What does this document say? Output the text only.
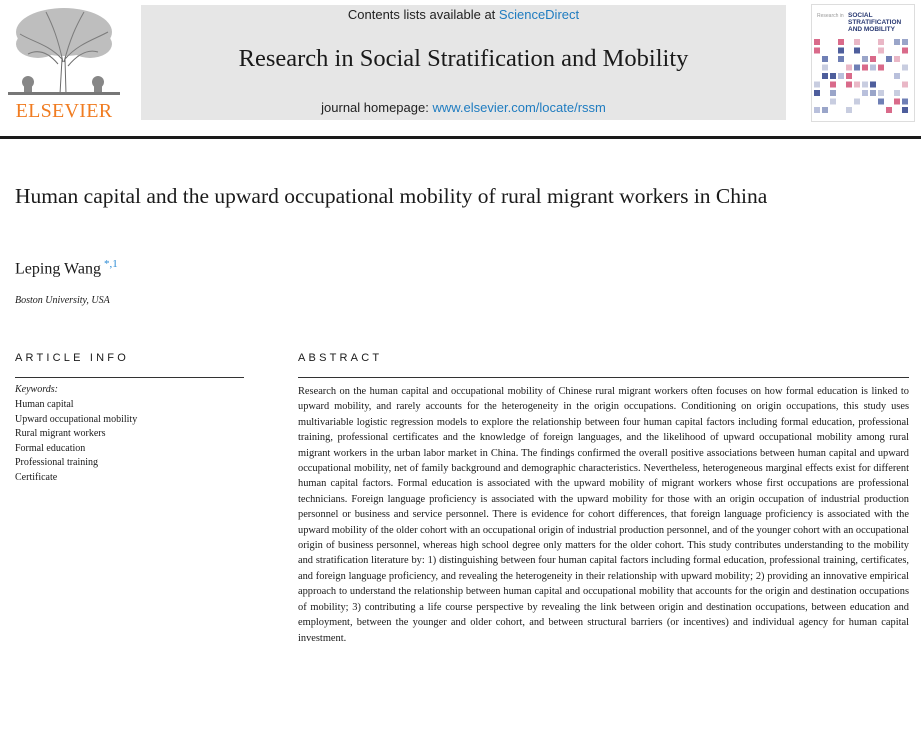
ELSEVIER
Contents lists available at ScienceDirect
Research in Social Stratification and Mobility
journal homepage: www.elsevier.com/locate/rssm
Research in SOCIAL STRATIFICATION AND MOBILITY
Human capital and the upward occupational mobility of rural migrant workers in China
Leping Wang $^{*,1}$
Boston University, USA
ARTICLE INFO
Keywords:
Human capital
Upward occupational mobility
Rural migrant workers
Formal education
Professional training
Certificate
ABSTRACT

Research on the human capital and occupational mobility of Chinese rural migrant workers often focuses on how formal education is linked to upward mobility, and rarely accounts for the heterogeneity in the origin occupations. Conditioning on origin occupations, this study uses multivariable logistic regression models to explore the relationship between four human capital factors including formal education, professional training, professional certificates and the knowledge of foreign languages, and the likelihood of upward occupational mobility among rural migrant workers in the urban labor market in China. The findings confirmed the overall positive associations between human capital and upward occupational mobility, net of family background and demographic characteristics. Nevertheless, heterogeneous marginal effects exist for different human capital factors. Formal education is associated with the upward mobility of migrant workers whose first occupations are professional technicians. Foreign language proficiency is associated with the upward mobility for those with an origin occupation of industrial production personnel or business and service personnel. There is evidence for cohort differences, that foreign language proficiency is associated with the upward mobility of the older cohort with an occupational origin of industrial production personnel, and of the younger cohort with an occupational origin of business personnel, whereas high school degree only matters for the older cohort. This study contributes understanding to the mobility and stratification literature by: 1) distinguishing between four human capital factors including formal education, professional training, certificates, and foreign language proficiency, and revealing the heterogeneity in their relationship with upward mobility; 2) providing an innovative empirical approach to understand the relationship between human capital and occupational mobility that accounts for the origin and destination occupations of mobility; 3) contributing a life course perspective by revealing the link between origin and destination occupations, between education and employment, between the younger and older cohort, and between structural barriers (or incentives) and individual agency for human capital investment.
